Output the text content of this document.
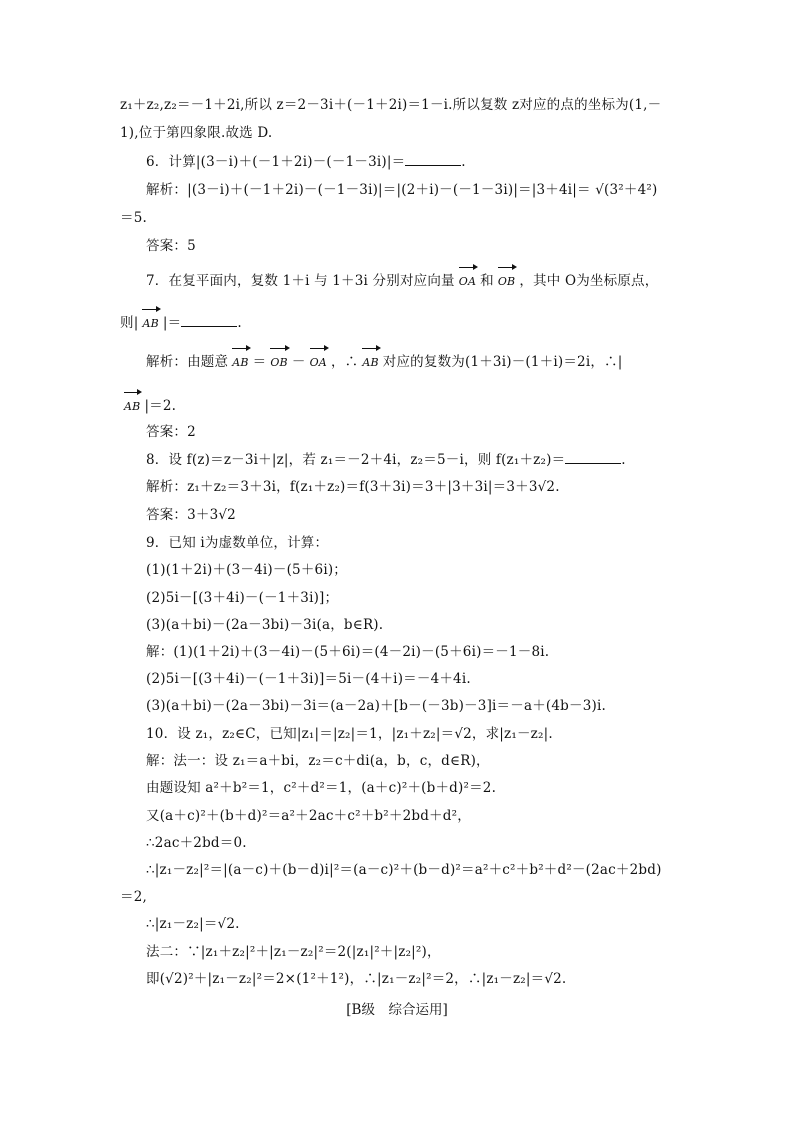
z₁＋z₂,z₂＝－1＋2i,所以 z＝2－3i＋(－1＋2i)＝1－i.所以复数 z对应的点的坐标为(1,－
1),位于第四象限.故选 D.
6．计算|(3－i)＋(－1＋2i)－(－1－3i)|＝	.
解析：|(3－i)＋(－1＋2i)－(－1－3i)|＝|(2＋i)－(－1－3i)|＝|3＋4i|＝ √(3²＋4²)
＝5.
答案：5
7．在复平面内，复数 1＋i 与 1＋3i 分别对应向量 OA 和 OB ，其中 O为坐标原点，
则| AB |＝	.
解析：由题意 AB ＝ OB － OA ，∴ AB 对应的复数为(1＋3i)－(1＋i)＝2i，∴|
AB |＝2.
答案：2
8．设 f(z)＝z－3i＋|z|，若 z₁＝－2＋4i，z₂＝5－i，则 f(z₁＋z₂)＝	.
解析：z₁＋z₂＝3＋3i，f(z₁＋z₂)＝f(3＋3i)＝3＋|3＋3i|＝3＋3√2.
答案：3＋3√2
9．已知 i为虚数单位，计算：
(1)(1＋2i)＋(3－4i)－(5＋6i)；
(2)5i－[(3＋4i)－(－1＋3i)]；
(3)(a＋bi)－(2a－3bi)－3i(a，b∈R).
解：(1)(1＋2i)＋(3－4i)－(5＋6i)＝(4－2i)－(5＋6i)＝－1－8i.
(2)5i－[(3＋4i)－(－1＋3i)]＝5i－(4＋i)＝－4＋4i.
(3)(a＋bi)－(2a－3bi)－3i＝(a－2a)＋[b－(－3b)－3]i＝－a＋(4b－3)i.
10．设 z₁，z₂∈C，已知|z₁|＝|z₂|＝1，|z₁＋z₂|＝√2，求|z₁－z₂|.
解：法一：设 z₁＝a＋bi，z₂＝c＋di(a，b，c，d∈R)，
由题设知 a²＋b²＝1，c²＋d²＝1，(a＋c)²＋(b＋d)²＝2.
又(a＋c)²＋(b＋d)²＝a²＋2ac＋c²＋b²＋2bd＋d²，
∴2ac＋2bd＝0.
∴|z₁－z₂|²＝|(a－c)＋(b－d)i|²＝(a－c)²＋(b－d)²＝a²＋c²＋b²＋d²－(2ac＋2bd)
＝2,
∴|z₁－z₂|＝√2.
法二：∵|z₁＋z₂|²＋|z₁－z₂|²＝2(|z₁|²＋|z₂|²)，
即(√2)²＋|z₁－z₂|²＝2×(1²＋1²)，∴|z₁－z₂|²＝2，∴|z₁－z₂|＝√2.
[B级　综合运用]
